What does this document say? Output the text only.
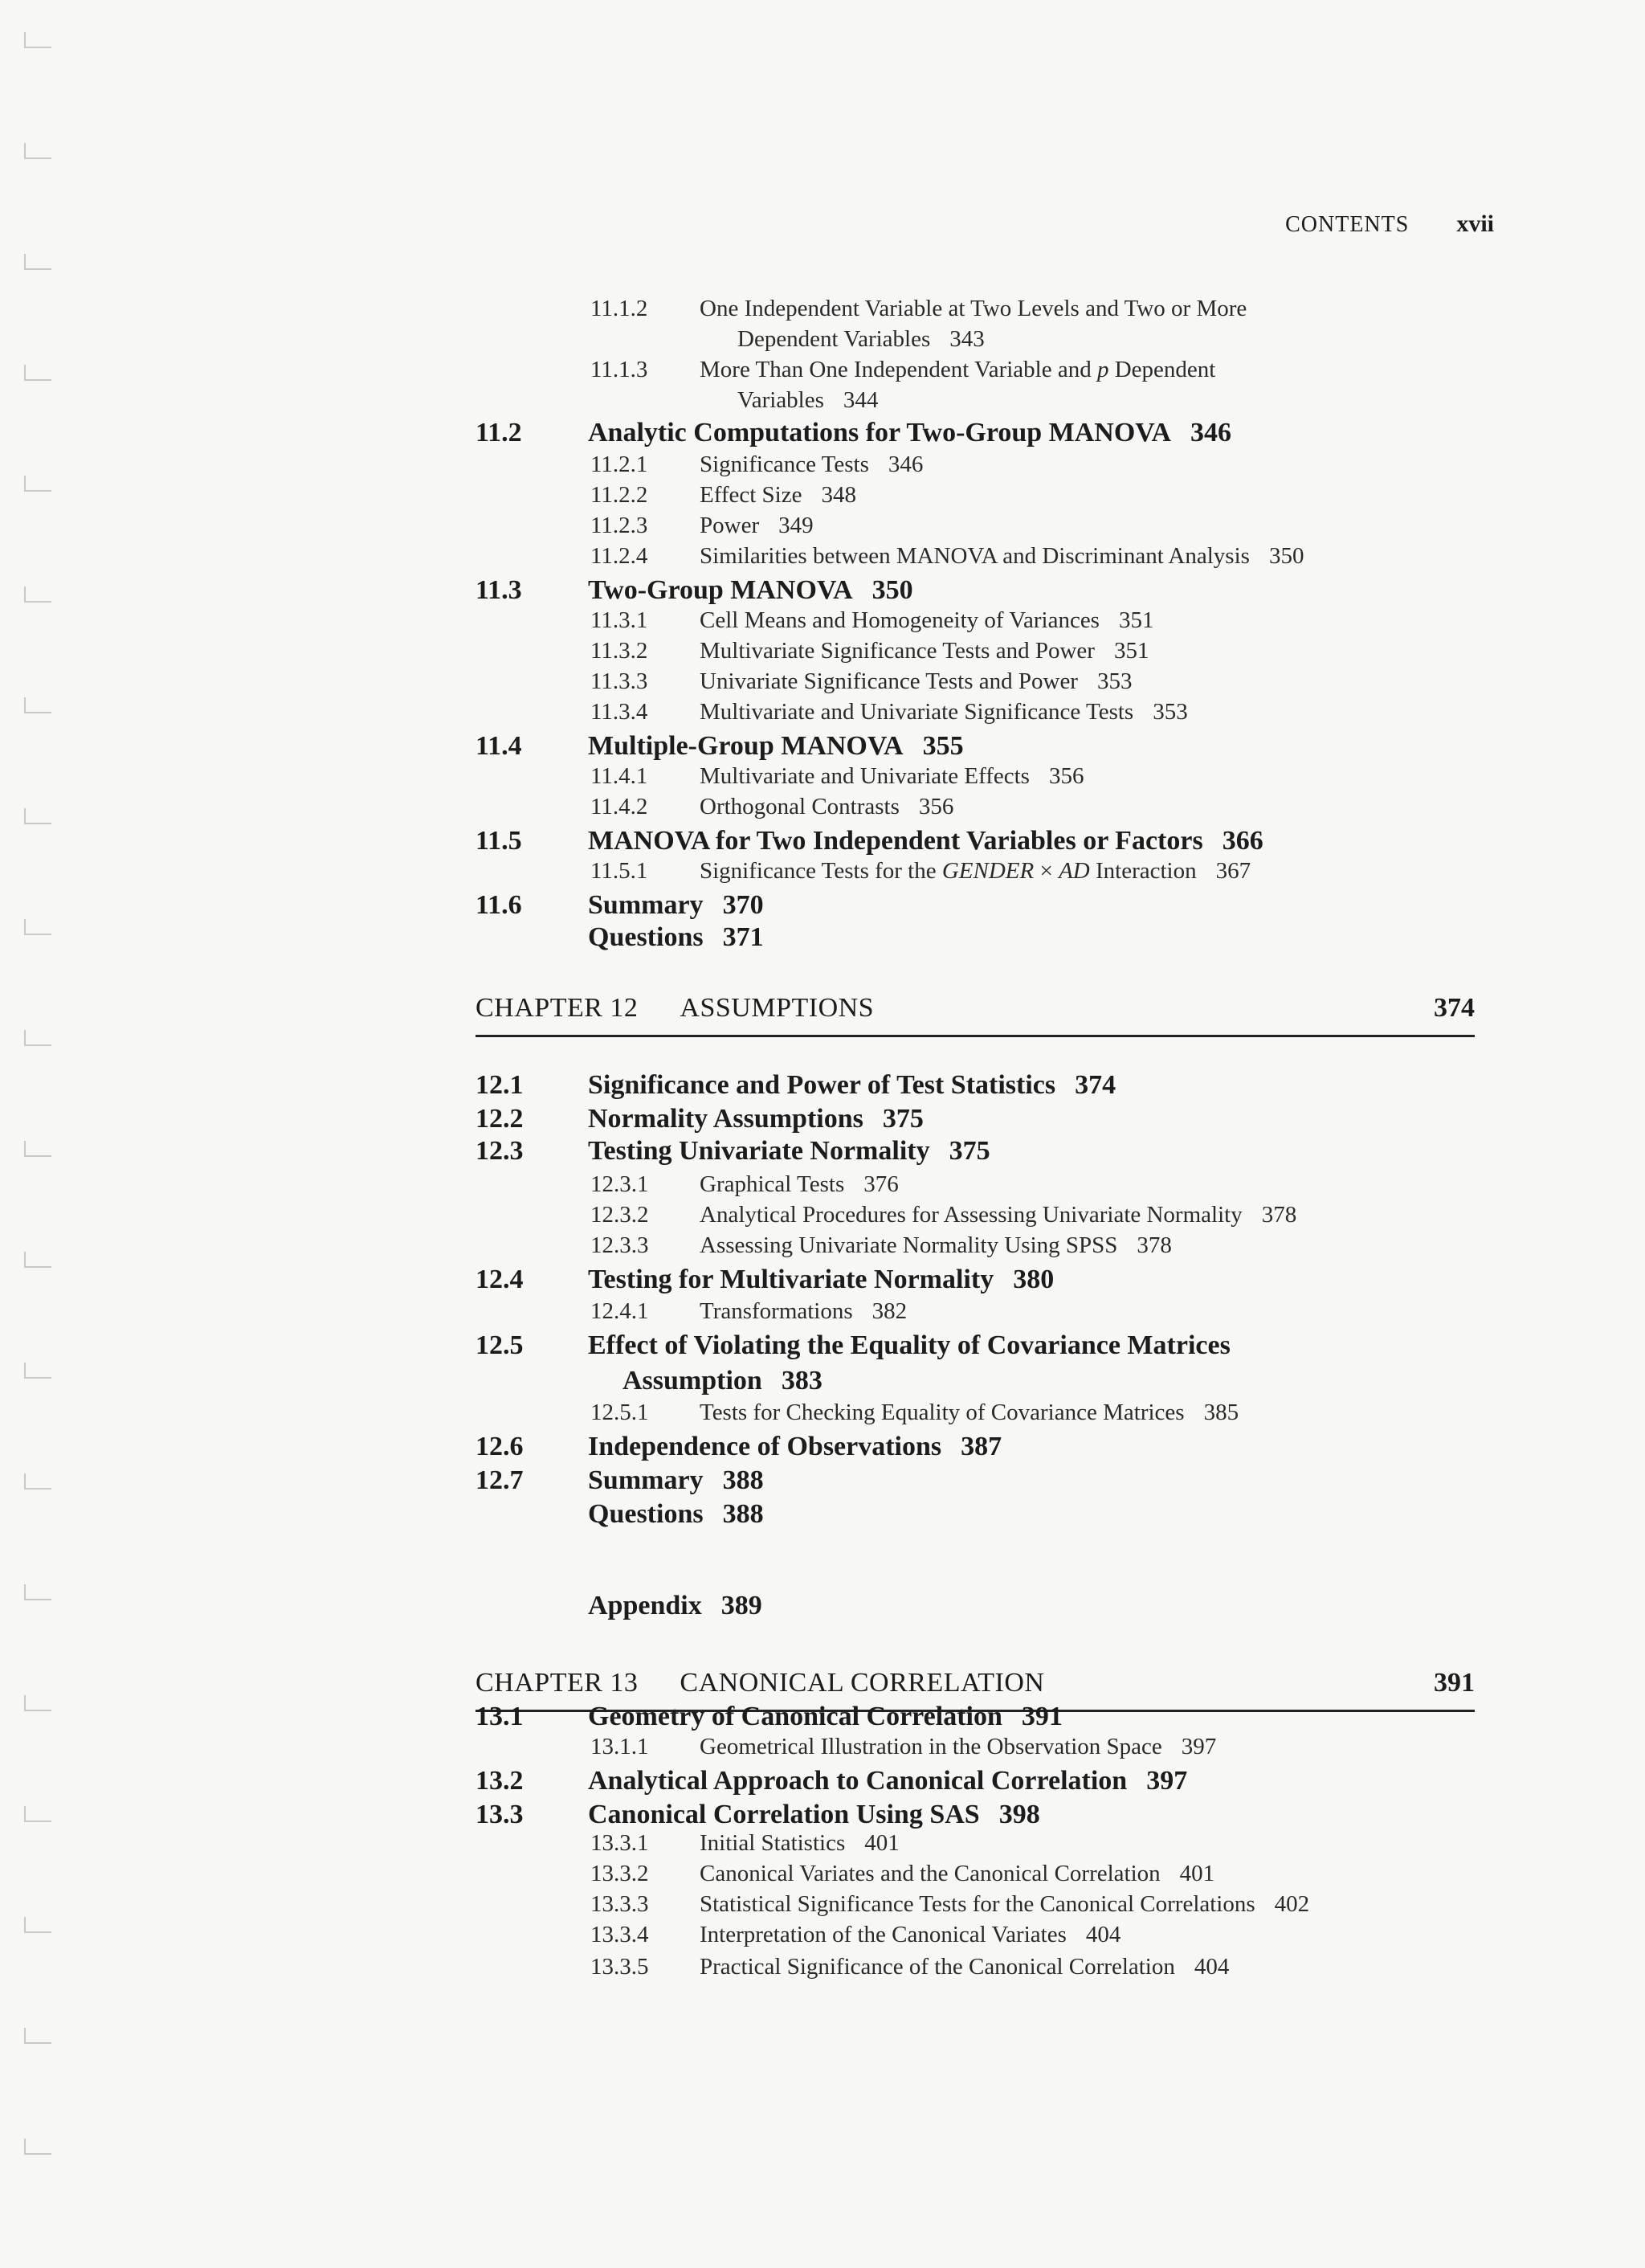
CONTENTS xvii
11.1.2 One Independent Variable at Two Levels and Two or More
Dependent Variables 343
11.1.3 More Than One Independent Variable and p Dependent
Variables 344
11.2 Analytic Computations for Two-Group MANOVA 346
11.2.1 Significance Tests 346
11.2.2 Effect Size 348
11.2.3 Power 349
11.2.4 Similarities between MANOVA and Discriminant Analysis 350
11.3 Two-Group MANOVA 350
11.3.1 Cell Means and Homogeneity of Variances 351
11.3.2 Multivariate Significance Tests and Power 351
11.3.3 Univariate Significance Tests and Power 353
11.3.4 Multivariate and Univariate Significance Tests 353
11.4 Multiple-Group MANOVA 355
11.4.1 Multivariate and Univariate Effects 356
11.4.2 Orthogonal Contrasts 356
11.5 MANOVA for Two Independent Variables or Factors 366
11.5.1 Significance Tests for the GENDER × AD Interaction 367
11.6 Summary 370
Questions 371
CHAPTER 12 ASSUMPTIONS	374
12.1 Significance and Power of Test Statistics 374
12.2 Normality Assumptions 375
12.3 Testing Univariate Normality 375
12.3.1 Graphical Tests 376
12.3.2 Analytical Procedures for Assessing Univariate Normality 378
12.3.3 Assessing Univariate Normality Using SPSS 378
12.4 Testing for Multivariate Normality 380
12.4.1 Transformations 382
12.5 Effect of Violating the Equality of Covariance Matrices
Assumption 383
12.5.1 Tests for Checking Equality of Covariance Matrices 385
12.6 Independence of Observations 387
12.7 Summary 388
Questions 388
Appendix 389
CHAPTER 13 CANONICAL CORRELATION	391
13.1 Geometry of Canonical Correlation 391
13.1.1 Geometrical Illustration in the Observation Space 397
13.2 Analytical Approach to Canonical Correlation 397
13.3 Canonical Correlation Using SAS 398
13.3.1 Initial Statistics 401
13.3.2 Canonical Variates and the Canonical Correlation 401
13.3.3 Statistical Significance Tests for the Canonical Correlations 402
13.3.4 Interpretation of the Canonical Variates 404
13.3.5 Practical Significance of the Canonical Correlation 404
